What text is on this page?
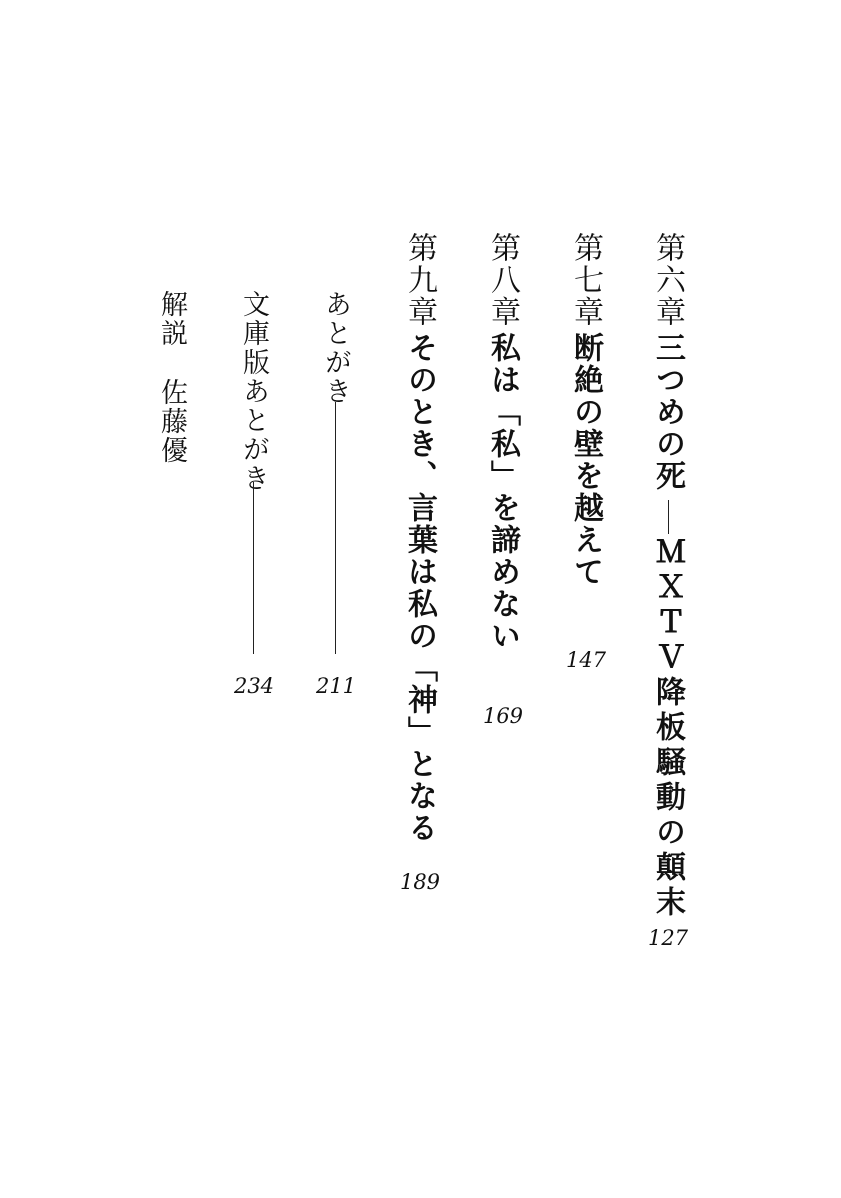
第六章
三つめの死
ＭＸＴＶ降板騒動の顛末
127
第七章
断絶の壁を越えて
147
第八章
私は「私」を諦めない
169
第九章
そのとき、言葉は私の「神」となる
189
あとがき
211
文庫版あとがき
234
解説
佐藤優
